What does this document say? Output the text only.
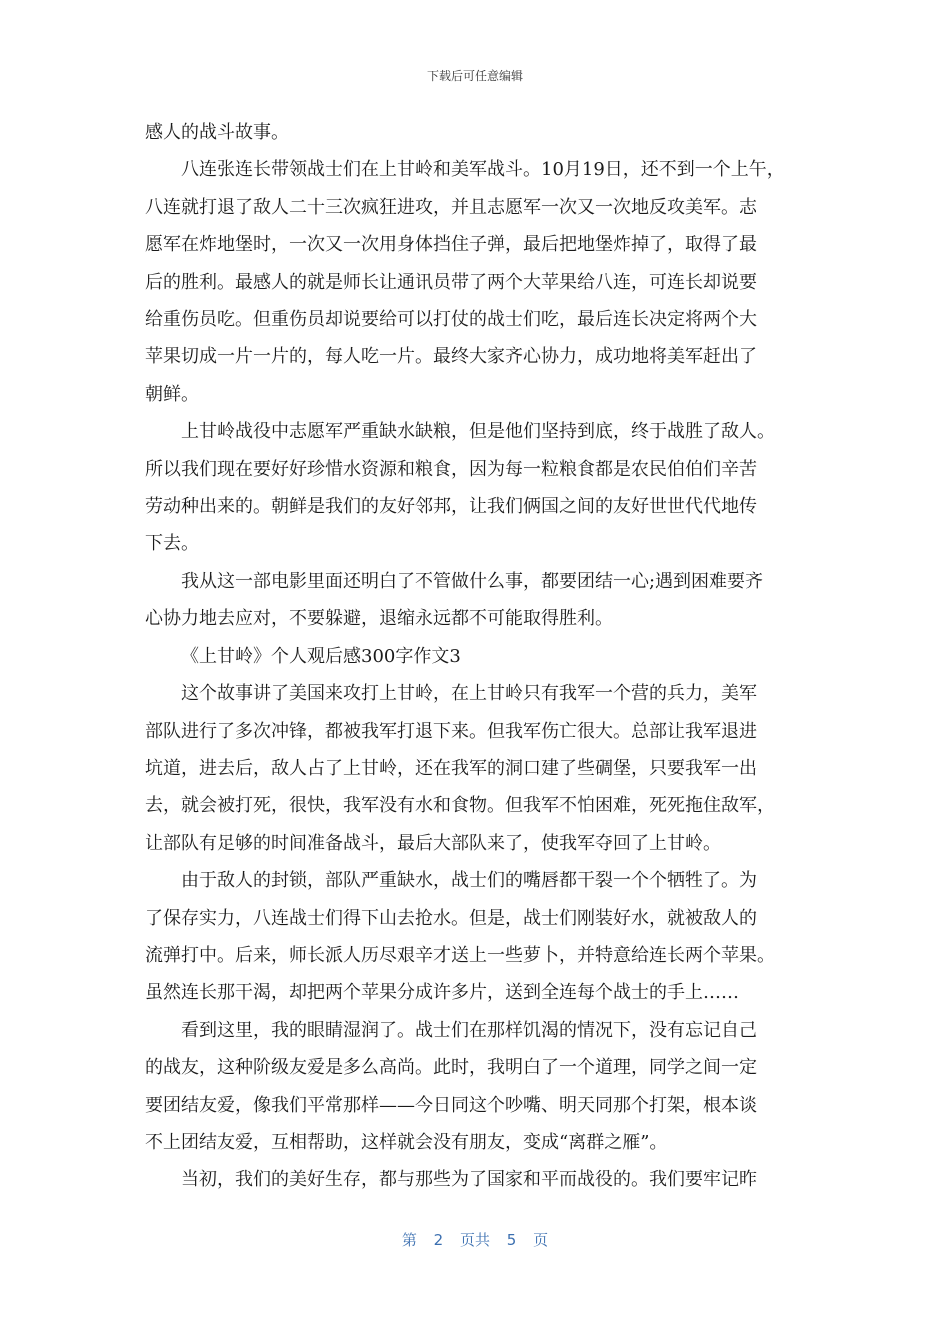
下载后可任意编辑

感人的战斗故事。

八连张连长带领战士们在上甘岭和美军战斗。10月19日，还不到一个上午，

八连就打退了敌人二十三次疯狂进攻，并且志愿军一次又一次地反攻美军。志

愿军在炸地堡时，一次又一次用身体挡住子弹，最后把地堡炸掉了，取得了最

后的胜利。最感人的就是师长让通讯员带了两个大苹果给八连，可连长却说要

给重伤员吃。但重伤员却说要给可以打仗的战士们吃，最后连长决定将两个大

苹果切成一片一片的，每人吃一片。最终大家齐心协力，成功地将美军赶出了

朝鲜。

上甘岭战役中志愿军严重缺水缺粮，但是他们坚持到底，终于战胜了敌人。

所以我们现在要好好珍惜水资源和粮食，因为每一粒粮食都是农民伯伯们辛苦

劳动种出来的。朝鲜是我们的友好邻邦，让我们俩国之间的友好世世代代地传

下去。

我从这一部电影里面还明白了不管做什么事，都要团结一心;遇到困难要齐

心协力地去应对，不要躲避，退缩永远都不可能取得胜利。

《上甘岭》个人观后感300字作文3

这个故事讲了美国来攻打上甘岭，在上甘岭只有我军一个营的兵力，美军

部队进行了多次冲锋，都被我军打退下来。但我军伤亡很大。总部让我军退进

坑道，进去后，敌人占了上甘岭，还在我军的洞口建了些碉堡，只要我军一出

去，就会被打死，很快，我军没有水和食物。但我军不怕困难，死死拖住敌军，

让部队有足够的时间准备战斗，最后大部队来了，使我军夺回了上甘岭。

由于敌人的封锁，部队严重缺水，战士们的嘴唇都干裂一个个牺牲了。为

了保存实力，八连战士们得下山去抢水。但是，战士们刚装好水，就被敌人的

流弹打中。后来，师长派人历尽艰辛才送上一些萝卜，并特意给连长两个苹果。

虽然连长那干渴，却把两个苹果分成许多片，送到全连每个战士的手上……

看到这里，我的眼睛湿润了。战士们在那样饥渴的情况下，没有忘记自己

的战友，这种阶级友爱是多么高尚。此时，我明白了一个道理，同学之间一定

要团结友爱，像我们平常那样——今日同这个吵嘴、明天同那个打架，根本谈

不上团结友爱，互相帮助，这样就会没有朋友，变成“离群之雁”。

当初，我们的美好生存，都与那些为了国家和平而战役的。我们要牢记昨

第 2 页共 5 页
